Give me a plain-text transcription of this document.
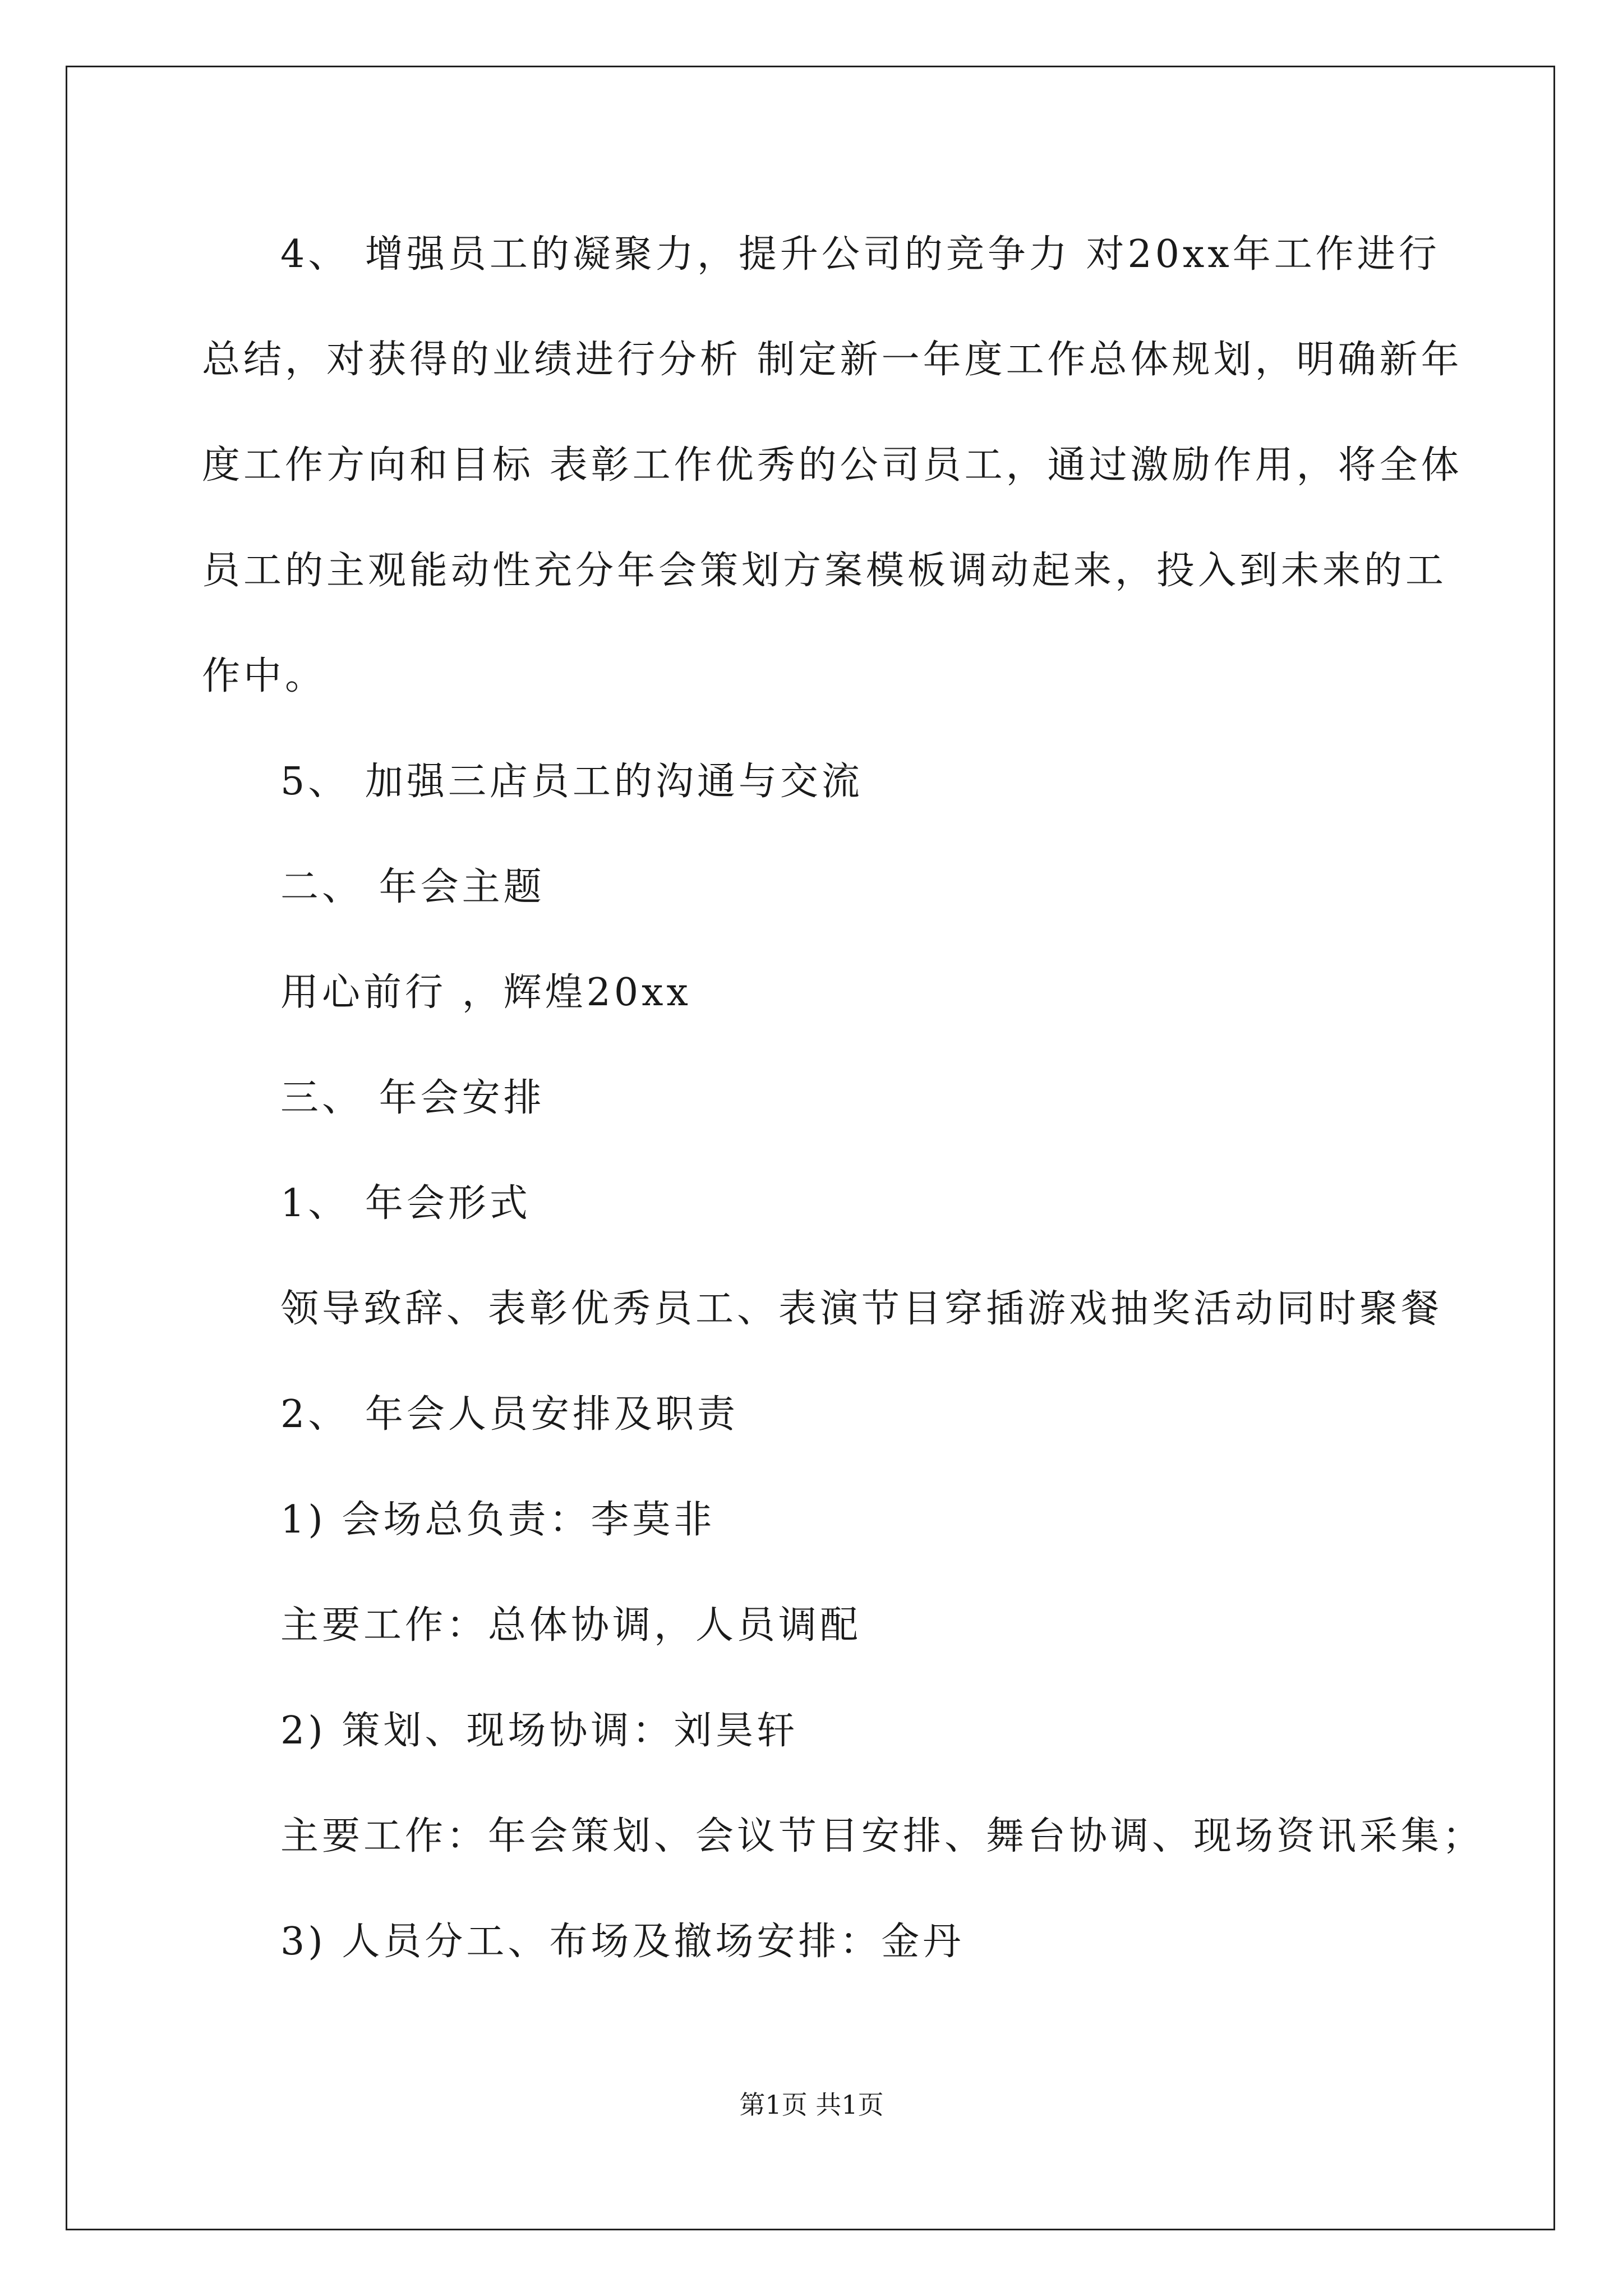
4、 增强员工的凝聚力，提升公司的竞争力 对20xx年工作进行
总结，对获得的业绩进行分析 制定新一年度工作总体规划，明确新年
度工作方向和目标 表彰工作优秀的公司员工，通过激励作用，将全体
员工的主观能动性充分年会策划方案模板调动起来，投入到未来的工
作中。

5、 加强三店员工的沟通与交流

二、 年会主题

用心前行 ，辉煌20xx

三、 年会安排

1、 年会形式

领导致辞、表彰优秀员工、表演节目穿插游戏抽奖活动同时聚餐

2、 年会人员安排及职责

1) 会场总负责：李莫非

主要工作：总体协调，人员调配

2) 策划、现场协调：刘昊轩

主要工作：年会策划、会议节目安排、舞台协调、现场资讯采集；

3) 人员分工、布场及撤场安排：金丹

第1页 共1页
